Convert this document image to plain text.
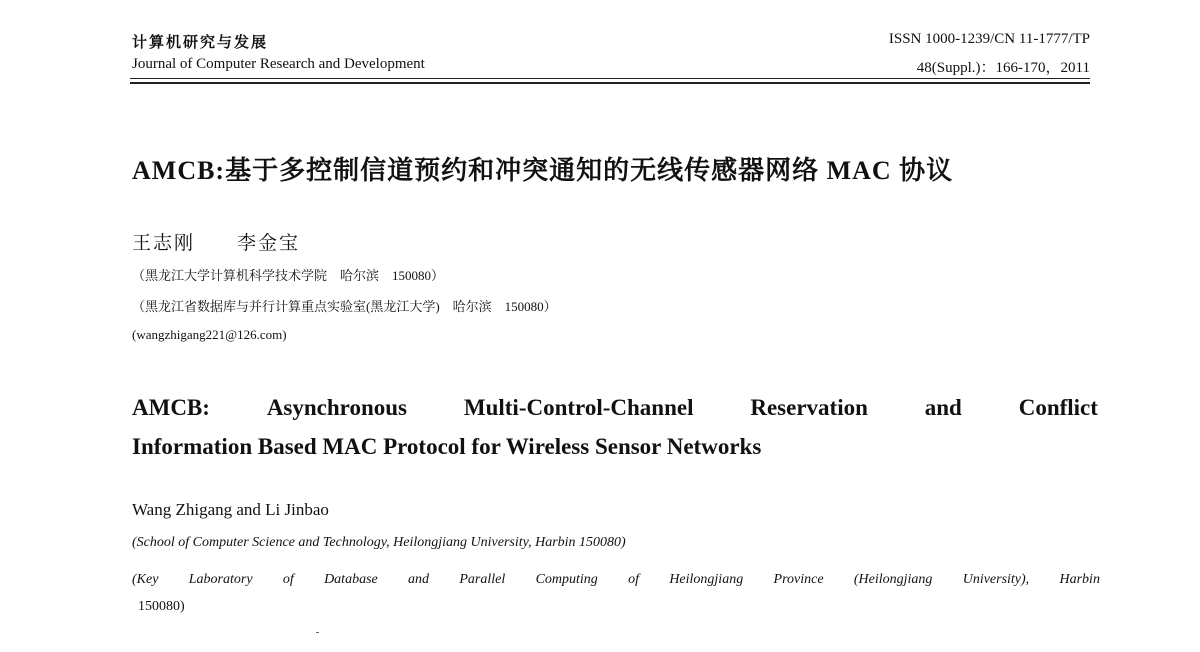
计算机研究与发展
Journal of Computer Research and Development
ISSN 1000-1239/CN 11-1777/TP
48(Suppl.)：166-170，2011
AMCB:基于多控制信道预约和冲突通知的无线传感器网络 MAC 协议
王志刚 李金宝
（黑龙江大学计算机科学技术学院　哈尔滨　150080）
（黑龙江省数据库与并行计算重点实验室(黑龙江大学)　哈尔滨　150080）
(wangzhigang221@126.com)
AMCB: Asynchronous Multi-Control-Channel Reservation and Conflict
Information Based MAC Protocol for Wireless Sensor Networks
Wang Zhigang and Li Jinbao
(School of Computer Science and Technology, Heilongjiang University, Harbin 150080)
(Key Laboratory of Database and Parallel Computing of Heilongjiang Province (Heilongjiang University), Harbin
150080)
